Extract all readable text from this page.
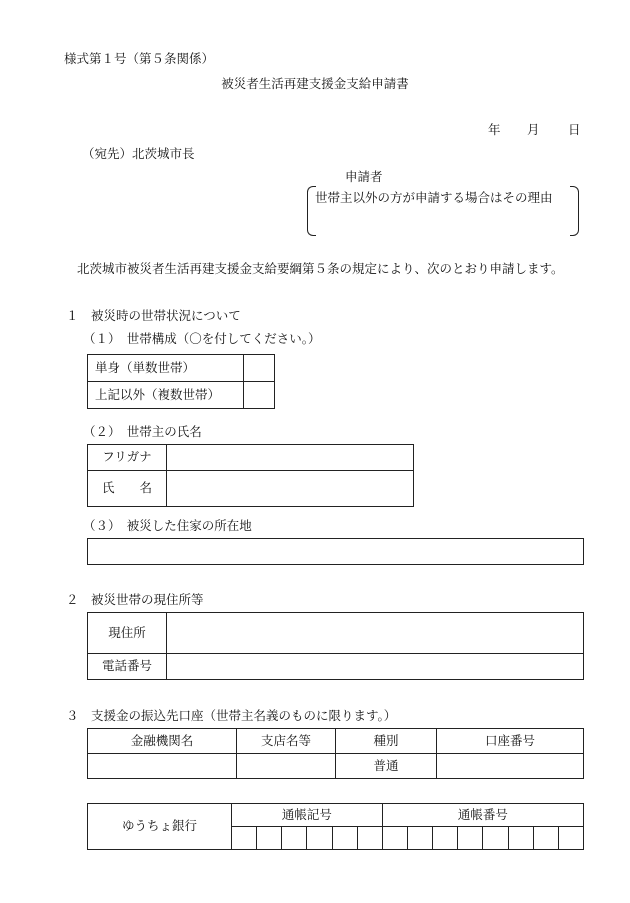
様式第１号（第５条関係）
被災者生活再建支援金支給申請書
年 月 日
（宛先）北茨城市長
申請者
世帯主以外の方が申請する場合はその理由
北茨城市被災者生活再建支援金支給要綱第５条の規定により、次のとおり申請します。
１　被災時の世帯状況について
（１）　世帯構成（〇を付してください。）
単身（単数世帯）	
上記以外（複数世帯）	
（２）　世帯主の氏名
フリガナ	
氏　　名	
（３）　被災した住家の所在地
２　被災世帯の現住所等
現住所	
電話番号	
３　支援金の振込先口座（世帯主名義のものに限ります。）
金融機関名	支店名等	種別	口座番号
		普通	
ゆうちょ銀行	通帳記号						通帳番号							
